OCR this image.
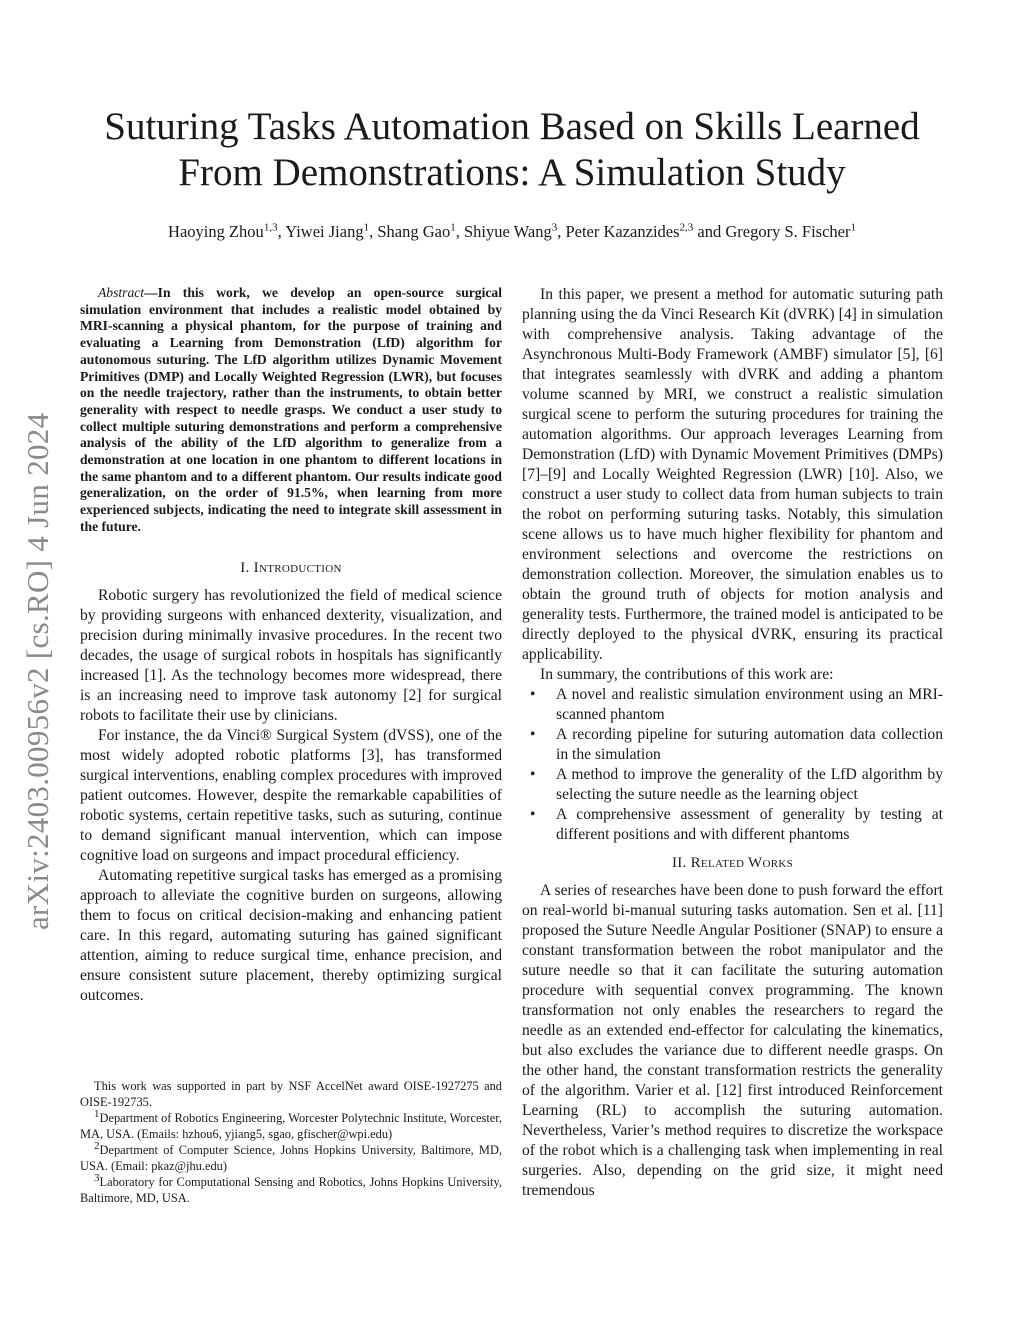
arXiv:2403.00956v2 [cs.RO] 4 Jun 2024
Suturing Tasks Automation Based on Skills Learned
From Demonstrations: A Simulation Study
Haoying Zhou$^{1,3}$, Yiwei Jiang$^1$, Shang Gao$^1$, Shiyue Wang$^3$, Peter Kazanzides$^{2,3}$ and Gregory S. Fischer$^1$

Abstract—In this work, we develop an open-source surgical simulation environment that includes a realistic model obtained by MRI-scanning a physical phantom, for the purpose of training and evaluating a Learning from Demonstration (LfD) algorithm for autonomous suturing. The LfD algorithm utilizes Dynamic Movement Primitives (DMP) and Locally Weighted Regression (LWR), but focuses on the needle trajectory, rather than the instruments, to obtain better generality with respect to needle grasps. We conduct a user study to collect multiple suturing demonstrations and perform a comprehensive analysis of the ability of the LfD algorithm to generalize from a demonstration at one location in one phantom to different locations in the same phantom and to a different phantom. Our results indicate good generalization, on the order of 91.5%, when learning from more experienced subjects, indicating the need to integrate skill assessment in the future.

I. Introduction

Robotic surgery has revolutionized the field of medical science by providing surgeons with enhanced dexterity, visualization, and precision during minimally invasive procedures. In the recent two decades, the usage of surgical robots in hospitals has significantly increased [1]. As the technology becomes more widespread, there is an increasing need to improve task autonomy [2] for surgical robots to facilitate their use by clinicians.

For instance, the da Vinci® Surgical System (dVSS), one of the most widely adopted robotic platforms [3], has transformed surgical interventions, enabling complex procedures with improved patient outcomes. However, despite the remarkable capabilities of robotic systems, certain repetitive tasks, such as suturing, continue to demand significant manual intervention, which can impose cognitive load on surgeons and impact procedural efficiency.

Automating repetitive surgical tasks has emerged as a promising approach to alleviate the cognitive burden on surgeons, allowing them to focus on critical decision-making and enhancing patient care. In this regard, automating suturing has gained significant attention, aiming to reduce surgical time, enhance precision, and ensure consistent suture placement, thereby optimizing surgical outcomes.

This work was supported in part by NSF AccelNet award OISE-1927275 and OISE-192735.

$^1$Department of Robotics Engineering, Worcester Polytechnic Institute, Worcester, MA, USA. (Emails: hzhou6, yjiang5, sgao, gfischer@wpi.edu)

$^2$Department of Computer Science, Johns Hopkins University, Baltimore, MD, USA. (Email: pkaz@jhu.edu)

$^3$Laboratory for Computational Sensing and Robotics, Johns Hopkins University, Baltimore, MD, USA.

In this paper, we present a method for automatic suturing path planning using the da Vinci Research Kit (dVRK) [4] in simulation with comprehensive analysis. Taking advantage of the Asynchronous Multi-Body Framework (AMBF) simulator [5], [6] that integrates seamlessly with dVRK and adding a phantom volume scanned by MRI, we construct a realistic simulation surgical scene to perform the suturing procedures for training the automation algorithms. Our approach leverages Learning from Demonstration (LfD) with Dynamic Movement Primitives (DMPs) [7]–[9] and Locally Weighted Regression (LWR) [10]. Also, we construct a user study to collect data from human subjects to train the robot on performing suturing tasks. Notably, this simulation scene allows us to have much higher flexibility for phantom and environment selections and overcome the restrictions on demonstration collection. Moreover, the simulation enables us to obtain the ground truth of objects for motion analysis and generality tests. Furthermore, the trained model is anticipated to be directly deployed to the physical dVRK, ensuring its practical applicability.

In summary, the contributions of this work are:

• A novel and realistic simulation environment using an MRI-scanned phantom
• A recording pipeline for suturing automation data collection in the simulation
• A method to improve the generality of the LfD algorithm by selecting the suture needle as the learning object
• A comprehensive assessment of generality by testing at different positions and with different phantoms
II. Related Works

A series of researches have been done to push forward the effort on real-world bi-manual suturing tasks automation. Sen et al. [11] proposed the Suture Needle Angular Positioner (SNAP) to ensure a constant transformation between the robot manipulator and the suture needle so that it can facilitate the suturing automation procedure with sequential convex programming. The known transformation not only enables the researchers to regard the needle as an extended end-effector for calculating the kinematics, but also excludes the variance due to different needle grasps. On the other hand, the constant transformation restricts the generality of the algorithm. Varier et al. [12] first introduced Reinforcement Learning (RL) to accomplish the suturing automation. Nevertheless, Varier’s method requires to discretize the workspace of the robot which is a challenging task when implementing in real surgeries. Also, depending on the grid size, it might need tremendous
